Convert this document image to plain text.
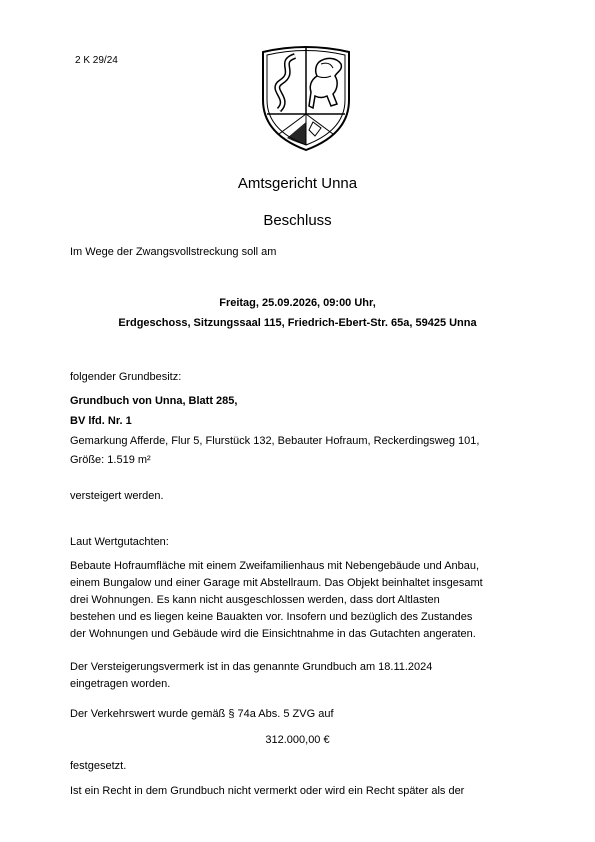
2 K 29/24
Amtsgericht Unna
Beschluss
Im Wege der Zwangsvollstreckung soll am
Freitag, 25.09.2026, 09:00 Uhr,
Erdgeschoss, Sitzungssaal 115, Friedrich-Ebert-Str. 65a, 59425 Unna
folgender Grundbesitz:
Grundbuch von Unna, Blatt 285,
BV lfd. Nr. 1
Gemarkung Afferde, Flur 5, Flurstück 132, Bebauter Hofraum, Reckerdingsweg 101,
Größe: 1.519 m²
versteigert werden.
Laut Wertgutachten:
Bebaute Hofraumfläche mit einem Zweifamilienhaus mit Nebengebäude und Anbau,
einem Bungalow und einer Garage mit Abstellraum. Das Objekt beinhaltet insgesamt
drei Wohnungen. Es kann nicht ausgeschlossen werden, dass dort Altlasten
bestehen und es liegen keine Bauakten vor. Insofern und bezüglich des Zustandes
der Wohnungen und Gebäude wird die Einsichtnahme in das Gutachten angeraten.
Der Versteigerungsvermerk ist in das genannte Grundbuch am 18.11.2024
eingetragen worden.
Der Verkehrswert wurde gemäß § 74a Abs. 5 ZVG auf
312.000,00 €
festgesetzt.
Ist ein Recht in dem Grundbuch nicht vermerkt oder wird ein Recht später als der
